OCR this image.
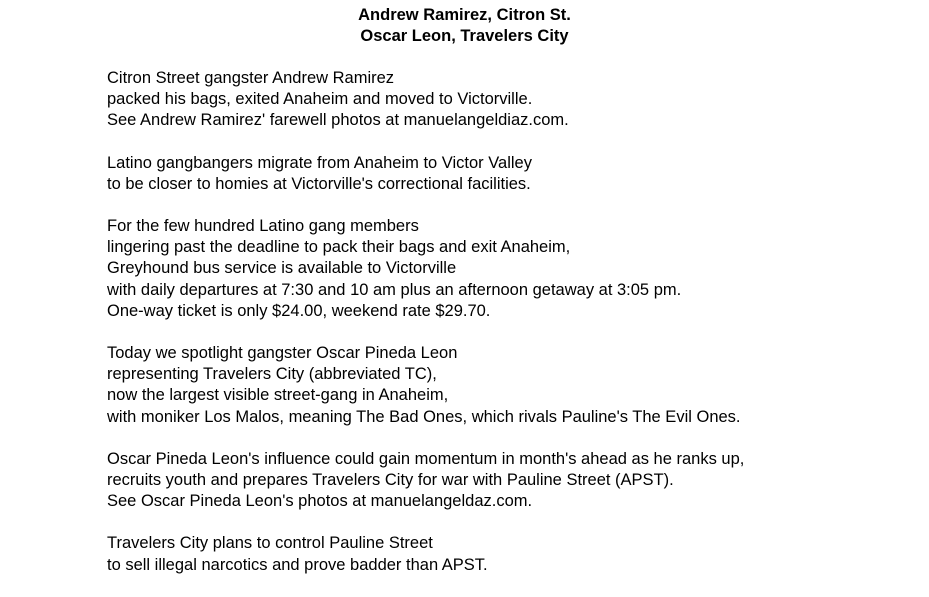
Andrew Ramirez, Citron St.

Oscar Leon, Travelers City

Citron Street gangster Andrew Ramirez
packed his bags, exited Anaheim and moved to Victorville.
See Andrew Ramirez' farewell photos at manuelangeldiaz.com.
Latino gangbangers migrate from Anaheim to Victor Valley
to be closer to homies at Victorville's correctional facilities.
For the few hundred Latino gang members
lingering past the deadline to pack their bags and exit Anaheim,
Greyhound bus service is available to Victorville
with daily departures at 7:30 and 10 am plus an afternoon getaway at 3:05 pm.
One-way ticket is only $24.00, weekend rate $29.70.
Today we spotlight gangster Oscar Pineda Leon
representing Travelers City (abbreviated TC),
now the largest visible street-gang in Anaheim,
with moniker Los Malos, meaning The Bad Ones, which rivals Pauline's The Evil Ones.
Oscar Pineda Leon's influence could gain momentum in month's ahead as he ranks up,
recruits youth and prepares Travelers City for war with Pauline Street (APST).
See Oscar Pineda Leon's photos at manuelangeldaz.com.
Travelers City plans to control Pauline Street
to sell illegal narcotics and prove badder than APST.
